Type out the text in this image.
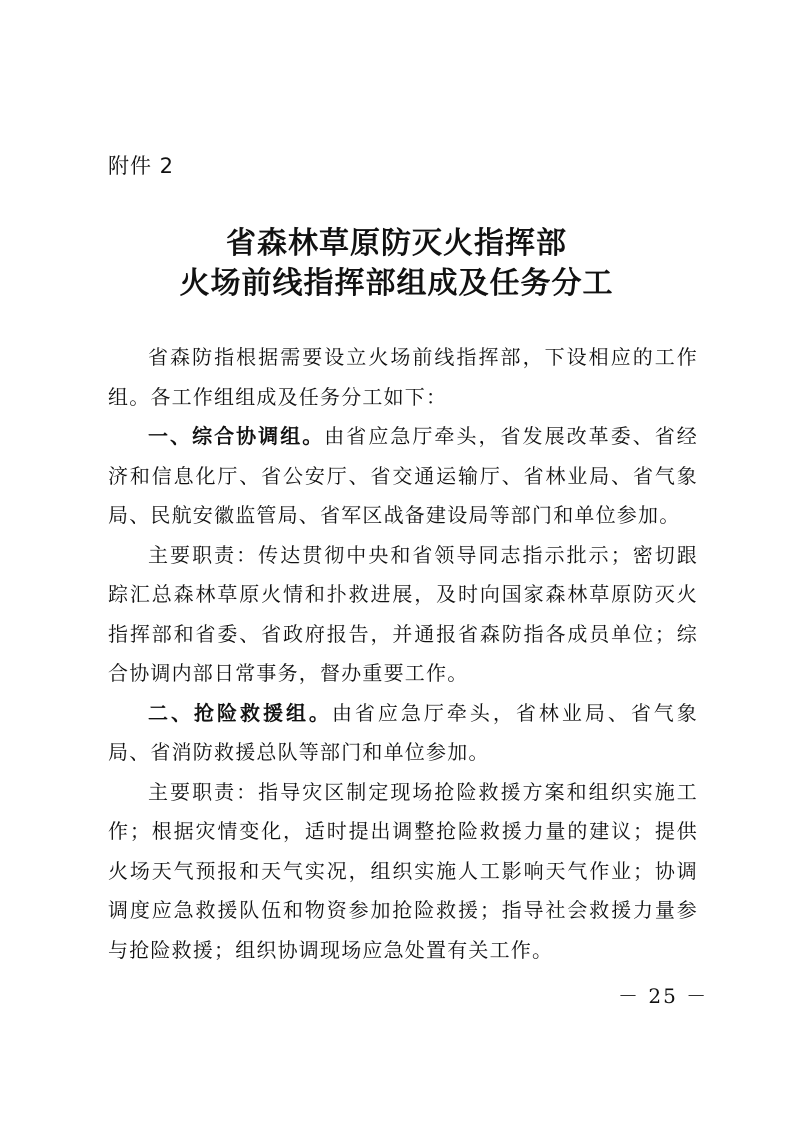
附件 2
省森林草原防灭火指挥部
火场前线指挥部组成及任务分工

省森防指根据需要设立火场前线指挥部，下设相应的工作组。各工作组组成及任务分工如下：

一、综合协调组。由省应急厅牵头，省发展改革委、省经济和信息化厅、省公安厅、省交通运输厅、省林业局、省气象局、民航安徽监管局、省军区战备建设局等部门和单位参加。

主要职责：传达贯彻中央和省领导同志指示批示；密切跟踪汇总森林草原火情和扑救进展，及时向国家森林草原防灭火指挥部和省委、省政府报告，并通报省森防指各成员单位；综合协调内部日常事务，督办重要工作。

二、抢险救援组。由省应急厅牵头，省林业局、省气象局、省消防救援总队等部门和单位参加。

主要职责：指导灾区制定现场抢险救援方案和组织实施工作；根据灾情变化，适时提出调整抢险救援力量的建议；提供火场天气预报和天气实况，组织实施人工影响天气作业；协调调度应急救援队伍和物资参加抢险救援；指导社会救援力量参与抢险救援；组织协调现场应急处置有关工作。

－ 25 －
